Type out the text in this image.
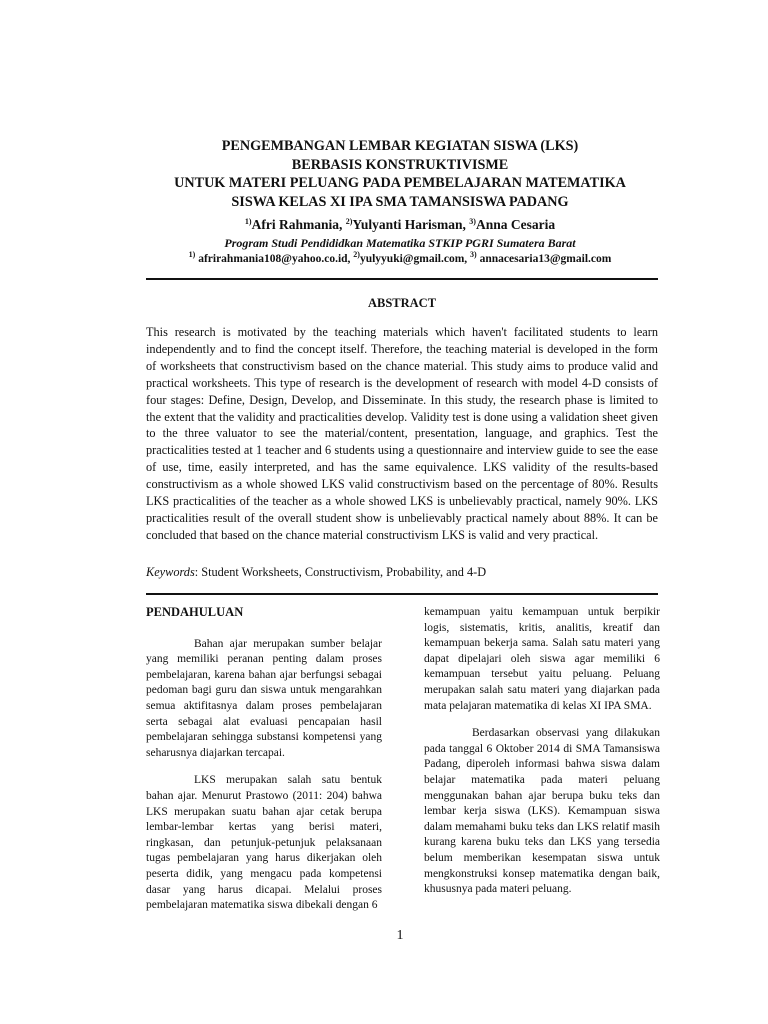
PENGEMBANGAN LEMBAR KEGIATAN SISWA (LKS)
BERBASIS KONSTRUKTIVISME
UNTUK MATERI PELUANG PADA PEMBELAJARAN MATEMATIKA
SISWA KELAS XI IPA SMA TAMANSISWA PADANG
$^{1)}$Afri Rahmania, $^{2)}$Yulyanti Harisman, $^{3)}$Anna Cesaria
Program Studi Pendididkan Matematika STKIP PGRI Sumatera Barat
$^{1)}$ afrirahmania108@yahoo.co.id, $^{2)}$yulyyuki@gmail.com, $^{3)}$ annacesaria13@gmail.com
ABSTRACT

This research is motivated by the teaching materials which haven't facilitated students to learn independently and to find the concept itself. Therefore, the teaching material is developed in the form of worksheets that constructivism based on the chance material. This study aims to produce valid and practical worksheets. This type of research is the development of research with model 4-D consists of four stages: Define, Design, Develop, and Disseminate. In this study, the research phase is limited to the extent that the validity and practicalities develop. Validity test is done using a validation sheet given to the three valuator to see the material/content, presentation, language, and graphics. Test the practicalities tested at 1 teacher and 6 students using a questionnaire and interview guide to see the ease of use, time, easily interpreted, and has the same equivalence. LKS validity of the results-based constructivism as a whole showed LKS valid constructivism based on the percentage of 80%. Results LKS practicalities of the teacher as a whole showed LKS is unbelievably practical, namely 90%. LKS practicalities result of the overall student show is unbelievably practical namely about 88%. It can be concluded that based on the chance material constructivism LKS is valid and very practical.

Keywords: Student Worksheets, Constructivism, Probability, and 4-D

PENDAHULUAN

Bahan ajar merupakan sumber belajar yang memiliki peranan penting dalam proses pembelajaran, karena bahan ajar berfungsi sebagai pedoman bagi guru dan siswa untuk mengarahkan semua aktifitasnya dalam proses pembelajaran serta sebagai alat evaluasi pencapaian hasil pembelajaran sehingga substansi kompetensi yang seharusnya diajarkan tercapai.

LKS merupakan salah satu bentuk bahan ajar. Menurut Prastowo (2011: 204) bahwa LKS merupakan suatu bahan ajar cetak berupa lembar-lembar kertas yang berisi materi, ringkasan, dan petunjuk-petunjuk pelaksanaan tugas pembelajaran yang harus dikerjakan oleh peserta didik, yang mengacu pada kompetensi dasar yang harus dicapai. Melalui proses pembelajaran matematika siswa dibekali dengan 6

kemampuan yaitu kemampuan untuk berpikir logis, sistematis, kritis, analitis, kreatif dan kemampuan bekerja sama. Salah satu materi yang dapat dipelajari oleh siswa agar memiliki 6 kemampuan tersebut yaitu peluang. Peluang merupakan salah satu materi yang diajarkan pada mata pelajaran matematika di kelas XI IPA SMA.

Berdasarkan observasi yang dilakukan pada tanggal 6 Oktober 2014 di SMA Tamansiswa Padang, diperoleh informasi bahwa siswa dalam belajar matematika pada materi peluang menggunakan bahan ajar berupa buku teks dan lembar kerja siswa (LKS). Kemampuan siswa dalam memahami buku teks dan LKS relatif masih kurang karena buku teks dan LKS yang tersedia belum memberikan kesempatan siswa untuk mengkonstruksi konsep matematika dengan baik, khususnya pada materi peluang.

1
